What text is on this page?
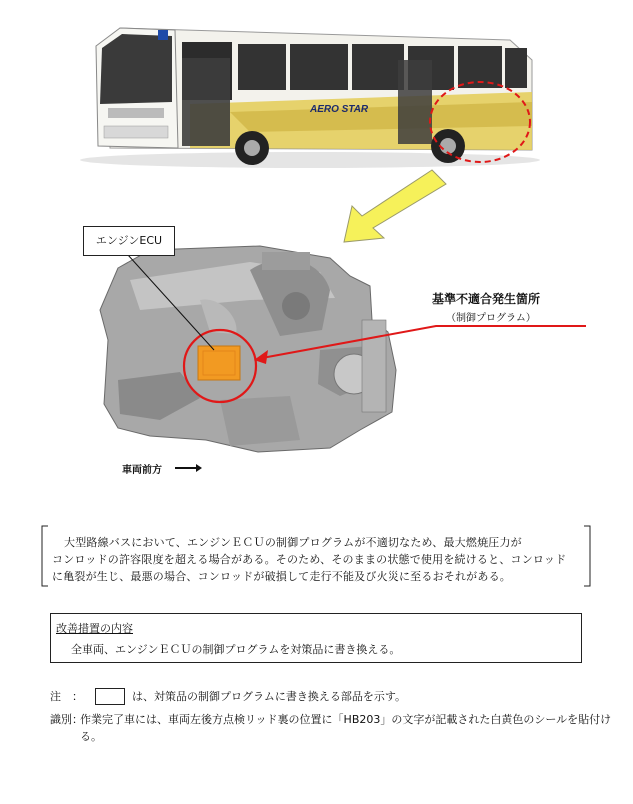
AERO STAR
エンジンECU
基準不適合発生箇所
（制御プログラム）
車両前方

大型路線バスにおいて、エンジンＥＣＵの制御プログラムが不適切なため、最大燃焼圧力が

コンロッドの許容限度を超える場合がある。そのため、そのままの状態で使用を続けると、コンロッド

に亀裂が生じ、最悪の場合、コンロッドが破損して走行不能及び火災に至るおそれがある。

改善措置の内容
全車両、エンジンＥＣＵの制御プログラムを対策品に書き換える。
注　：	は、対策品の制御プログラムに書き換える部品を示す。
識別：
作業完了車には、車両左後方点検リッド裏の位置に「HB203」の文字が記載された白黄色のシールを貼付ける。
